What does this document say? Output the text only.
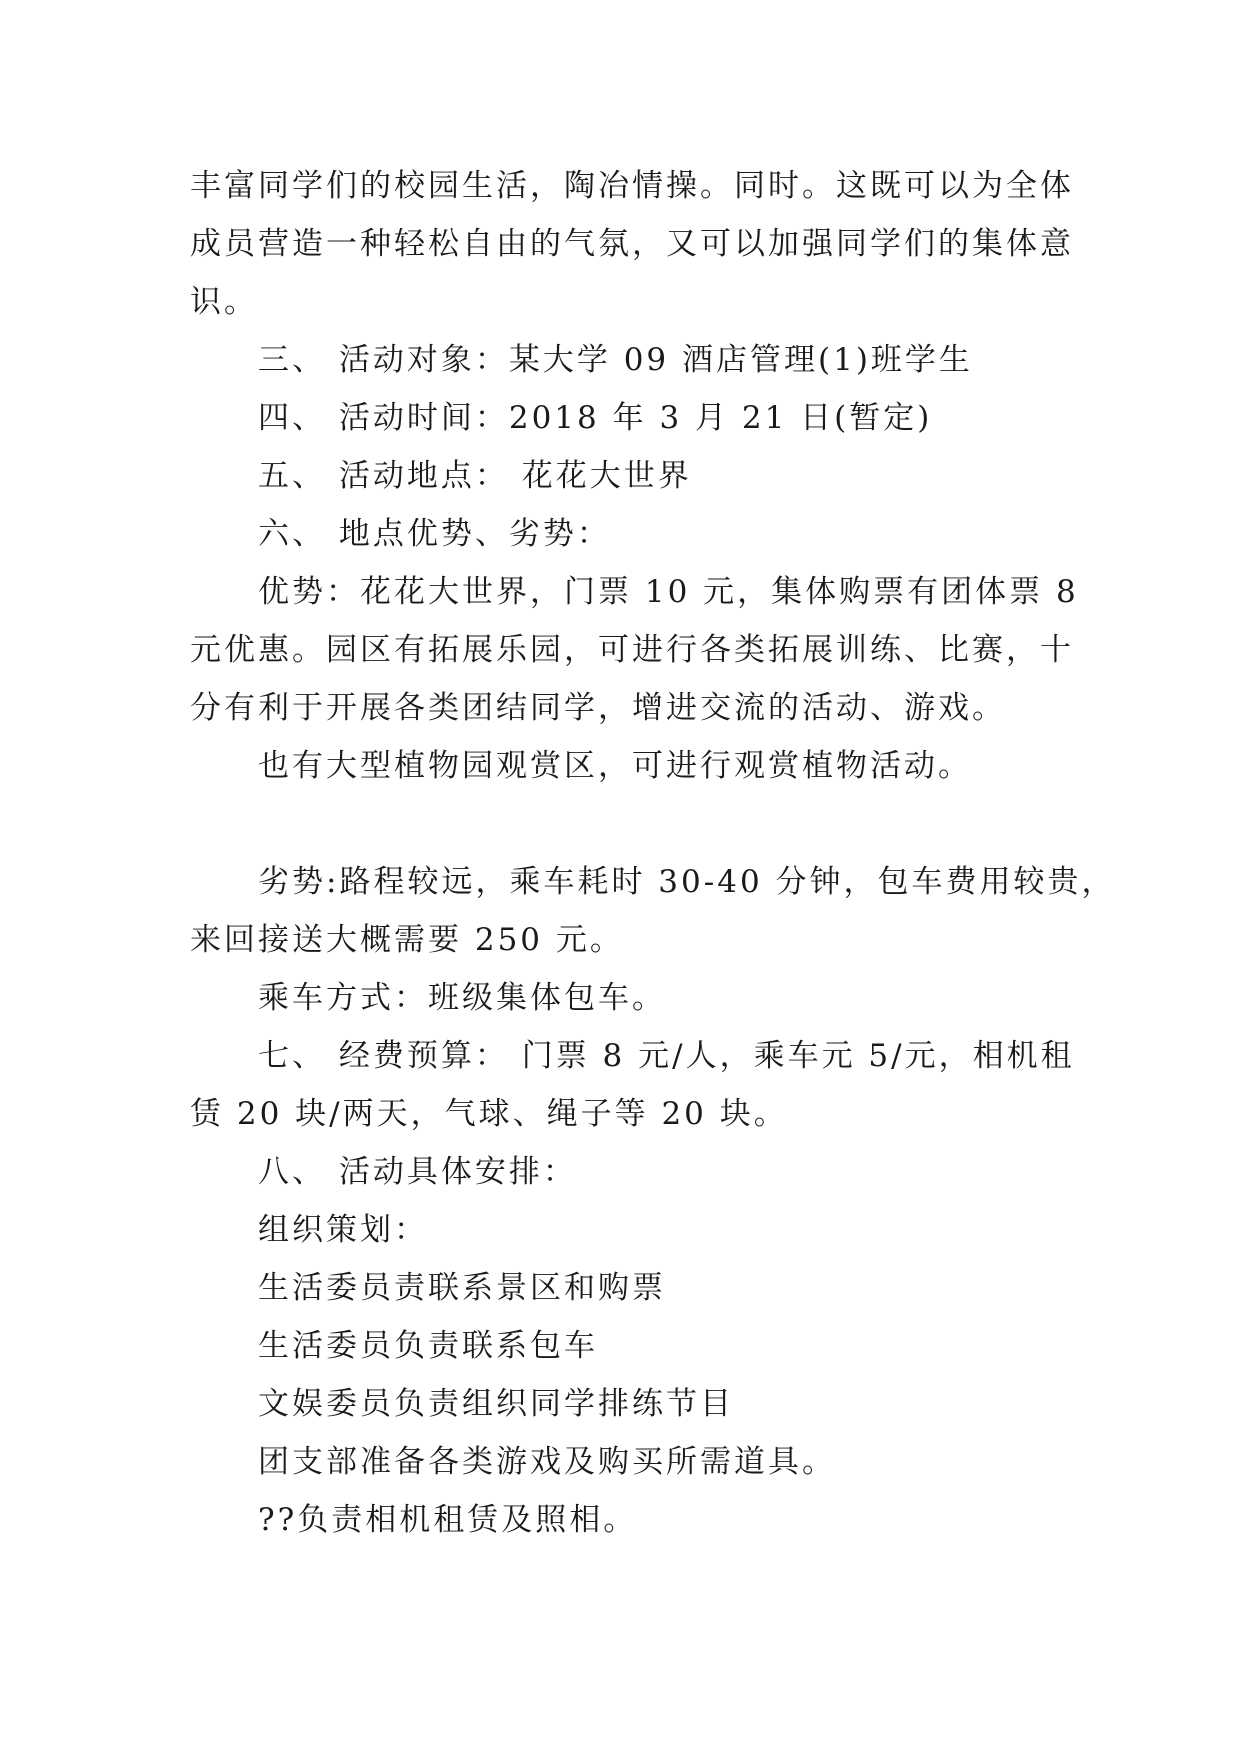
丰富同学们的校园生活，陶冶情操。同时。这既可以为全体
成员营造一种轻松自由的气氛，又可以加强同学们的集体意
识。
三、 活动对象：某大学 09 酒店管理(1)班学生
四、 活动时间：2018 年 3 月 21 日(暂定)
五、 活动地点： 花花大世界
六、 地点优势、劣势：
优势：花花大世界，门票 10 元，集体购票有团体票 8
元优惠。园区有拓展乐园，可进行各类拓展训练、比赛，十
分有利于开展各类团结同学，增进交流的活动、游戏。
也有大型植物园观赏区，可进行观赏植物活动。
劣势:路程较远，乘车耗时 30-40 分钟，包车费用较贵，
来回接送大概需要 250 元。
乘车方式：班级集体包车。
七、 经费预算： 门票 8 元/人，乘车元 5/元，相机租
赁 20 块/两天，气球、绳子等 20 块。
八、 活动具体安排：
组织策划：
生活委员责联系景区和购票
生活委员负责联系包车
文娱委员负责组织同学排练节目
团支部准备各类游戏及购买所需道具。
??负责相机租赁及照相。
